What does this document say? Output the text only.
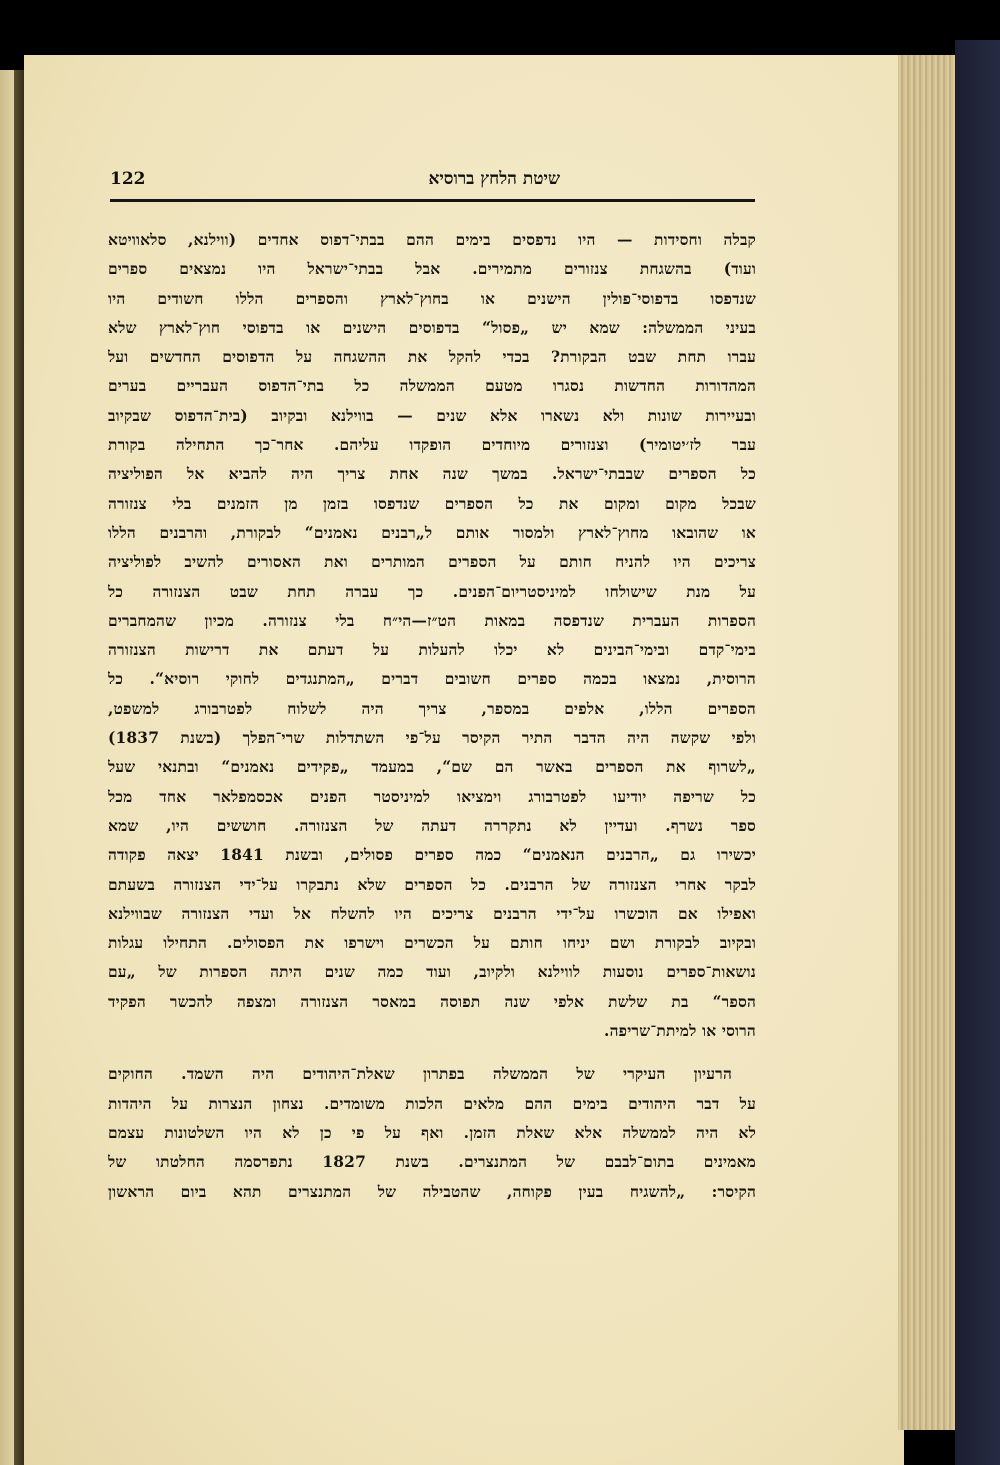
שיטת הלחץ ברוסיא
122
קבלה וחסידות — היו נדפסים בימים ההם בבתי־דפוס אחדים (ווילנא, סלאוויטא
ועוד) בהשגחת צנזורים מתמירים. אבל בבתי־ישראל היו נמצאים ספרים
שנדפסו בדפוסי־פולין הישנים או בחוץ־לארץ והספרים הללו חשודים היו
בעיני הממשלה: שמא יש „פסול“ בדפוסים הישנים או בדפוסי חוץ־לארץ שלא
עברו תחת שבט הבקורת? בכדי להקל את ההשגחה על הדפוסים החדשים ועל
המהדורות החדשות נסגרו מטעם הממשלה כל בתי־הדפוס העבריים בערים
ובעיירות שונות ולא נשארו אלא שנים — בווילנא ובקיוב (בית־הדפוס שבקיוב
עבר לז׳יטומיר) וצנזורים מיוחדים הופקדו עליהם. אחר־כך התחילה בקורת
כל הספרים שבבתי־ישראל. במשך שנה אחת צריך היה להביא אל הפוליציה
שבכל מקום ומקום את כל הספרים שנדפסו בזמן מן הזמנים בלי צנזורה
או שהובאו מחוץ־לארץ ולמסור אותם ל„רבנים נאמנים“ לבקורת, והרבנים הללו
צריכים היו להניח חותם על הספרים המותרים ואת האסורים להשיב לפוליציה
על מנת שישולחו למיניסטריום־הפנים. כך עברה תחת שבט הצנזורה כל
הספרות העברית שנדפסה במאות הט״ז—הי״ח בלי צנזורה. מכיון שהמחברים
בימי־קדם ובימי־הבינים לא יכלו להעלות על דעתם את דרישות הצנזורה
הרוסית, נמצאו בכמה ספרים חשובים דברים „המתנגדים לחוקי רוסיא“. כל
הספרים הללו, אלפים במספר, צריך היה לשלוח לפטרבורג למשפט,
ולפי שקשה היה הדבר התיר הקיסר על־פי השתדלות שרי־הפלך (בשנת 1837)
„לשרוף את הספרים באשר הם שם“, במעמד „פקידים נאמנים“ ובתנאי שעל
כל שריפה יודיעו לפטרבורג וימציאו למיניסטר הפנים אכסמפלאר אחד מכל
ספר נשרף. ועדיין לא נתקררה דעתה של הצנזורה. חוששים היו, שמא
יכשירו גם „הרבנים הנאמנים“ כמה ספרים פסולים, ובשנת 1841 יצאה פקודה
לבקר אחרי הצנזורה של הרבנים. כל הספרים שלא נתבקרו על־ידי הצנזורה בשעתם
ואפילו אם הוכשרו על־ידי הרבנים צריכים היו להשלח אל ועדי הצנזורה שבווילנא
ובקיוב לבקורת ושם יניחו חותם על הכשרים וישרפו את הפסולים. התחילו עגלות
נושאות־ספרים נוסעות לווילנא ולקיוב, ועוד כמה שנים היתה הספרות של „עם
הספר“ בת שלשת אלפי שנה תפוסה במאסר הצנזורה ומצפה להכשר הפקיד
הרוסי או למיתת־שריפה.
הרעיון העיקרי של הממשלה בפתרון שאלת־היהודים היה השמד. החוקים
על דבר היהודים בימים ההם מלאים הלכות משומדים. נצחון הנצרות על היהדות
לא היה לממשלה אלא שאלת הזמן. ואף על פי כן לא היו השלטונות עצמם
מאמינים בתום־לבבם של המתנצרים. בשנת 1827 נתפרסמה החלטתו של
הקיסר: „להשגיח בעין פקוחה, שהטבילה של המתנצרים תהא ביום הראשון
